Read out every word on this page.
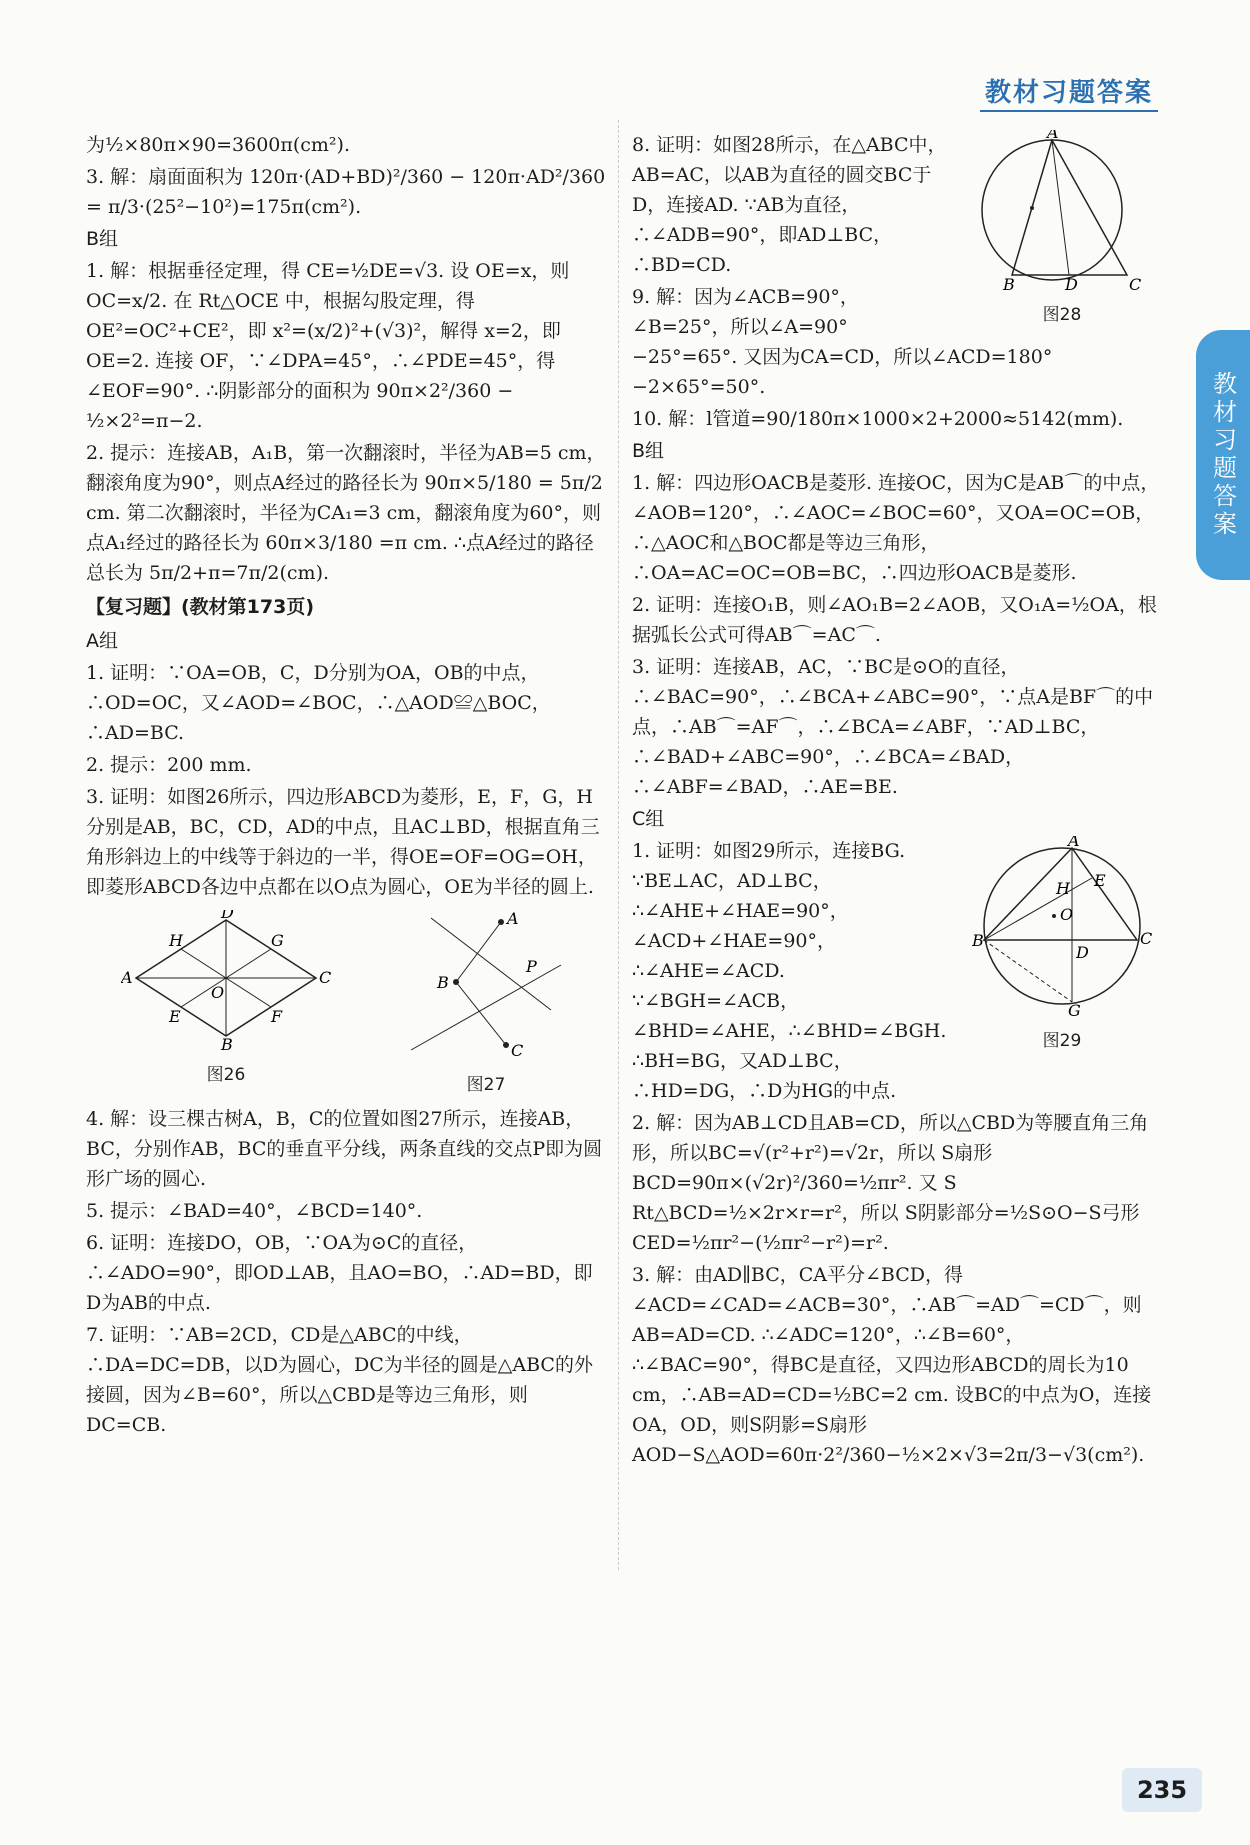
教材习题答案
教材习题答案

为½×80π×90=3600π(cm²).

3. 解：扇面面积为 120π·(AD+BD)²/360 − 120π·AD²/360 = π/3·(25²−10²)=175π(cm²).

B组

1. 解：根据垂径定理，得 CE=½DE=√3. 设 OE=x，则 OC=x/2. 在 Rt△OCE 中，根据勾股定理，得 OE²=OC²+CE²，即 x²=(x/2)²+(√3)²，解得 x=2，即 OE=2. 连接 OF，∵∠DPA=45°，∴∠PDE=45°，得∠EOF=90°. ∴阴影部分的面积为 90π×2²/360 − ½×2²=π−2.

2. 提示：连接AB，A₁B，第一次翻滚时，半径为AB=5 cm，翻滚角度为90°，则点A经过的路径长为 90π×5/180 = 5π/2 cm. 第二次翻滚时，半径为CA₁=3 cm，翻滚角度为60°，则点A₁经过的路径长为 60π×3/180 =π cm. ∴点A经过的路径总长为 5π/2+π=7π/2(cm).

【复习题】(教材第173页)
A组

1. 证明：∵OA=OB，C，D分别为OA，OB的中点，∴OD=OC，又∠AOD=∠BOC，∴△AOD≌△BOC，∴AD=BC.

2. 提示：200 mm.

3. 证明：如图26所示，四边形ABCD为菱形，E，F，G，H分别是AB，BC，CD，AD的中点，且AC⊥BD，根据直角三角形斜边上的中线等于斜边的一半，得OE=OF=OG=OH，即菱形ABCD各边中点都在以O点为圆心，OE为半径的圆上.

D
A	C
B
H	G
E	F
O
图26
A
B
C
P
图27

4. 解：设三棵古树A，B，C的位置如图27所示，连接AB，BC，分别作AB，BC的垂直平分线，两条直线的交点P即为圆形广场的圆心.

5. 提示：∠BAD=40°，∠BCD=140°.

6. 证明：连接DO，OB，∵OA为⊙C的直径，∴∠ADO=90°，即OD⊥AB，且AO=BO，∴AD=BD，即D为AB的中点.

7. 证明：∵AB=2CD，CD是△ABC的中线，∴DA=DC=DB，以D为圆心，DC为半径的圆是△ABC的外接圆，因为∠B=60°，所以△CBD是等边三角形，则DC=CB.

A
B	D	C
图28

8. 证明：如图28所示，在△ABC中，AB=AC，以AB为直径的圆交BC于D，连接AD. ∵AB为直径，∴∠ADB=90°，即AD⊥BC，∴BD=CD.

9. 解：因为∠ACB=90°，∠B=25°，所以∠A=90°−25°=65°. 又因为CA=CD，所以∠ACD=180°−2×65°=50°.

10. 解：l管道=90/180π×1000×2+2000≈5142(mm).

B组

1. 解：四边形OACB是菱形. 连接OC，因为C是AB⌒的中点，∠AOB=120°，∴∠AOC=∠BOC=60°，又OA=OC=OB，∴△AOC和△BOC都是等边三角形，∴OA=AC=OC=OB=BC，∴四边形OACB是菱形.

2. 证明：连接O₁B，则∠AO₁B=2∠AOB，又O₁A=½OA，根据弧长公式可得AB⌒=AC⌒.

3. 证明：连接AB，AC，∵BC是⊙O的直径，∴∠BAC=90°，∴∠BCA+∠ABC=90°，∵点A是BF⌒的中点，∴AB⌒=AF⌒，∴∠BCA=∠ABF，∵AD⊥BC，∴∠BAD+∠ABC=90°，∴∠BCA=∠BAD，∴∠ABF=∠BAD，∴AE=BE.

C组
A
B	C
D
E
H
O
G
图29

1. 证明：如图29所示，连接BG. ∵BE⊥AC，AD⊥BC，∴∠AHE+∠HAE=90°，∠ACD+∠HAE=90°，∴∠AHE=∠ACD. ∵∠BGH=∠ACB，∠BHD=∠AHE，∴∠BHD=∠BGH. ∴BH=BG，又AD⊥BC，∴HD=DG，∴D为HG的中点.

2. 解：因为AB⊥CD且AB=CD，所以△CBD为等腰直角三角形，所以BC=√(r²+r²)=√2r，所以 S扇形BCD=90π×(√2r)²/360=½πr². 又 S Rt△BCD=½×2r×r=r²，所以 S阴影部分=½S⊙O−S弓形CED=½πr²−(½πr²−r²)=r².

3. 解：由AD∥BC，CA平分∠BCD，得∠ACD=∠CAD=∠ACB=30°，∴AB⌒=AD⌒=CD⌒，则AB=AD=CD. ∴∠ADC=120°，∴∠B=60°，∴∠BAC=90°，得BC是直径，又四边形ABCD的周长为10 cm，∴AB=AD=CD=½BC=2 cm. 设BC的中点为O，连接OA，OD，则S阴影=S扇形AOD−S△AOD=60π·2²/360−½×2×√3=2π/3−√3(cm²).

235
